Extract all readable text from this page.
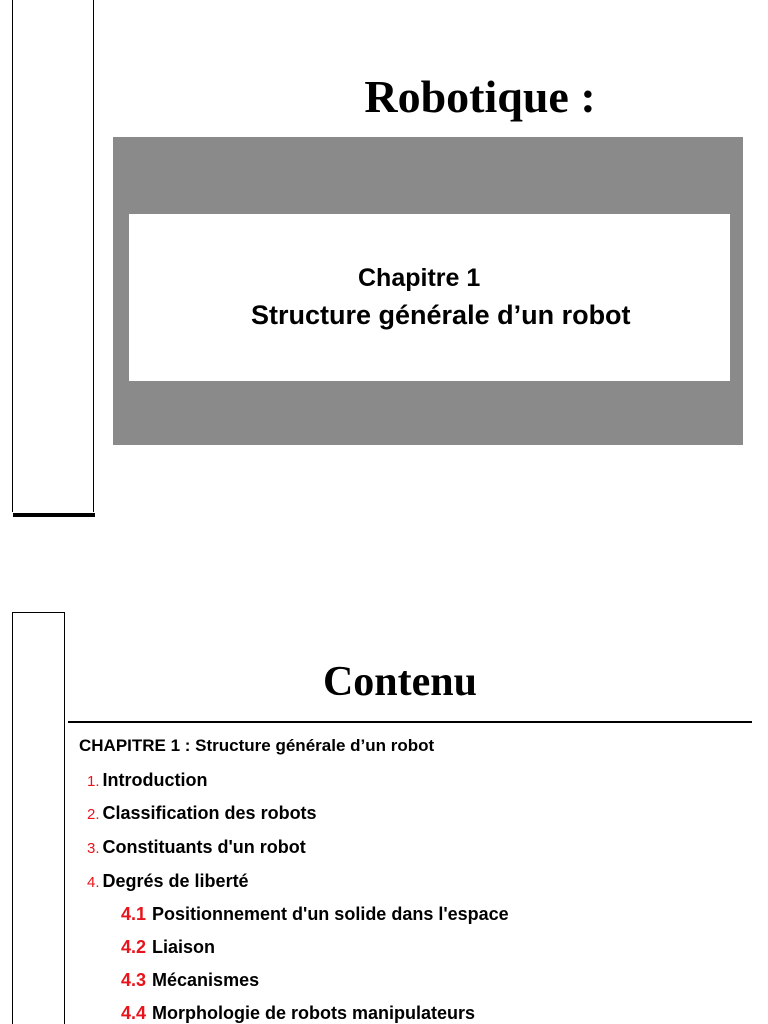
Robotique :
Chapitre 1
Structure générale d’un robot
Contenu
CHAPITRE 1 : Structure générale d’un robot
1. Introduction
2. Classification des robots
3. Constituants d'un robot
4. Degrés de liberté
4.1 Positionnement d'un solide dans l'espace
4.2 Liaison
4.3 Mécanismes
4.4 Morphologie de robots manipulateurs
